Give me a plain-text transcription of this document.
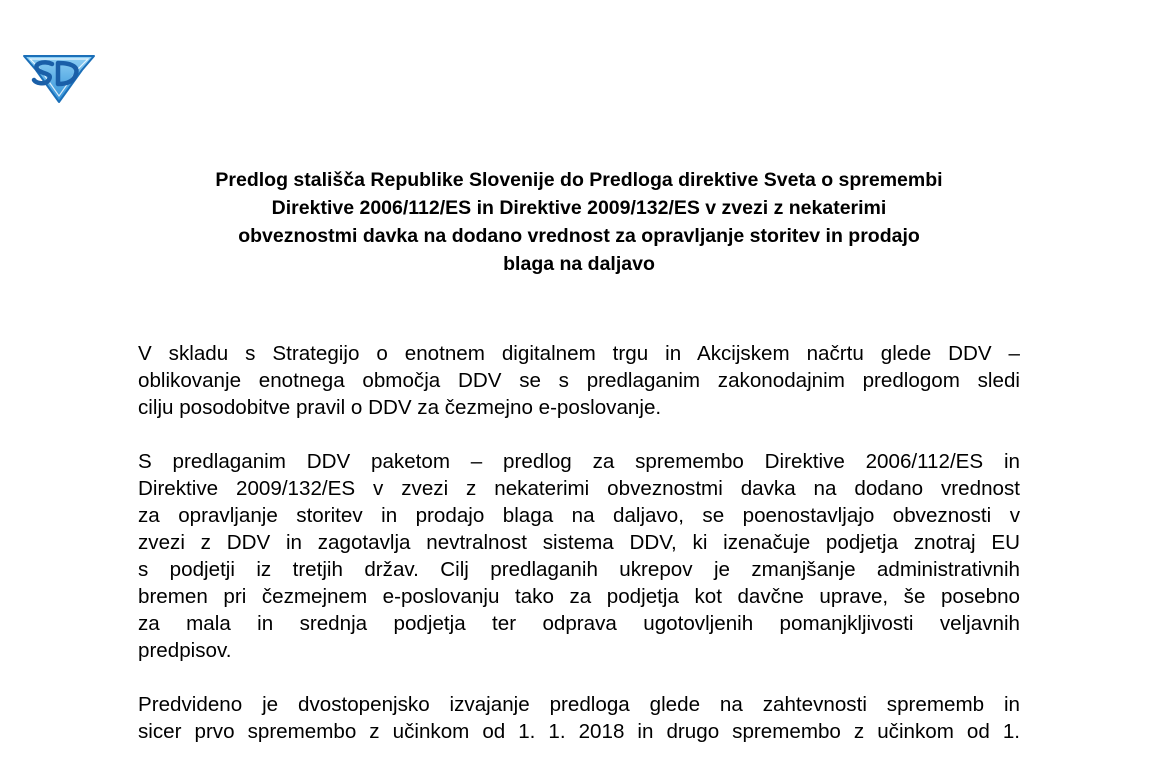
Predlog stališča Republike Slovenije do Predloga direktive Sveta o spremembi
Direktive 2006/112/ES in Direktive 2009/132/ES v zvezi z nekaterimi
obveznostmi davka na dodano vrednost za opravljanje storitev in prodajo
blaga na daljavo

V skladu s Strategijo o enotnem digitalnem trgu in Akcijskem načrtu glede DDV –
oblikovanje enotnega območja DDV se s predlaganim zakonodajnim predlogom sledi
cilju posodobitve pravil o DDV za čezmejno e-poslovanje.

S predlaganim DDV paketom – predlog za spremembo Direktive 2006/112/ES in
Direktive 2009/132/ES v zvezi z nekaterimi obveznostmi davka na dodano vrednost
za opravljanje storitev in prodajo blaga na daljavo, se poenostavljajo obveznosti v
zvezi z DDV in zagotavlja nevtralnost sistema DDV, ki izenačuje podjetja znotraj EU
s podjetji iz tretjih držav. Cilj predlaganih ukrepov je zmanjšanje administrativnih
bremen pri čezmejnem e-poslovanju tako za podjetja kot davčne uprave, še posebno
za mala in srednja podjetja ter odprava ugotovljenih pomanjkljivosti veljavnih
predpisov.

Predvideno je dvostopenjsko izvajanje predloga glede na zahtevnosti sprememb in
sicer prvo spremembo z učinkom od 1. 1. 2018 in drugo spremembo z učinkom od 1.
